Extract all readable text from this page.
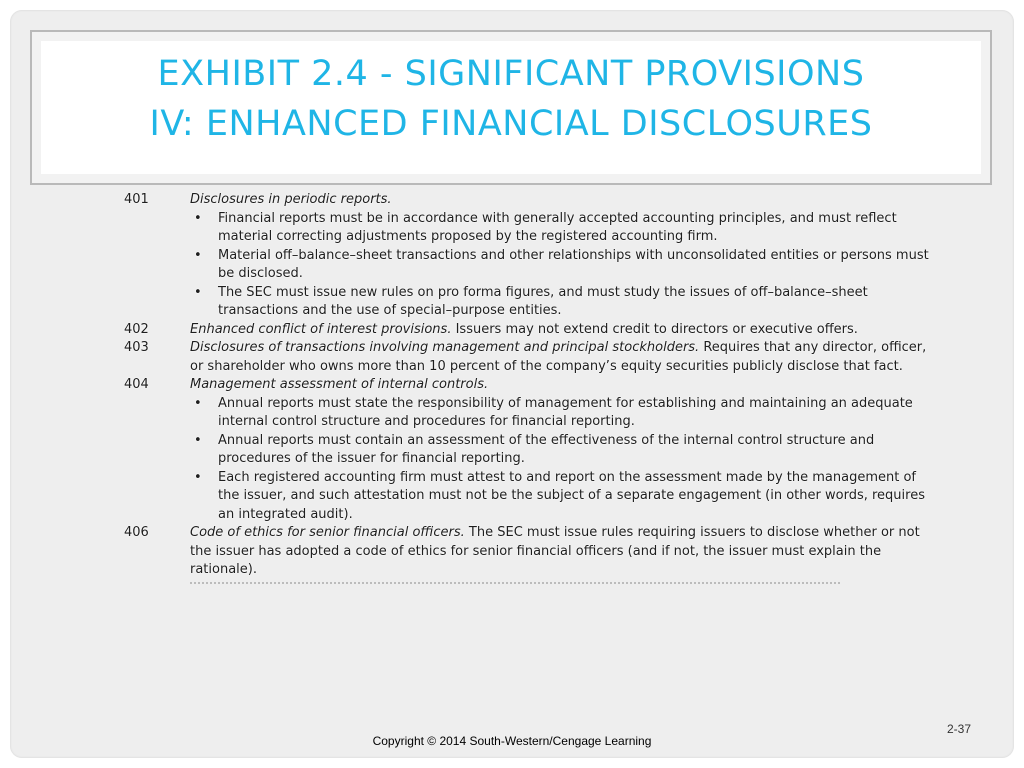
EXHIBIT 2.4 - SIGNIFICANT PROVISIONS
IV: ENHANCED FINANCIAL DISCLOSURES
401	Disclosures in periodic reports.
•	Financial reports must be in accordance with generally accepted accounting principles, and must reflect material correcting adjustments proposed by the registered accounting firm.
•	Material off–balance–sheet transactions and other relationships with unconsolidated entities or persons must be disclosed.
•	The SEC must issue new rules on pro forma figures, and must study the issues of off–balance–sheet transactions and the use of special–purpose entities.
402	Enhanced conflict of interest provisions. Issuers may not extend credit to directors or executive offers.
403	Disclosures of transactions involving management and principal stockholders. Requires that any director, officer, or shareholder who owns more than 10 percent of the company’s equity securities publicly disclose that fact.
404	Management assessment of internal controls.
•	Annual reports must state the responsibility of management for establishing and maintaining an adequate internal control structure and procedures for financial reporting.
•	Annual reports must contain an assessment of the effectiveness of the internal control structure and procedures of the issuer for financial reporting.
•	Each registered accounting firm must attest to and report on the assessment made by the management of the issuer, and such attestation must not be the subject of a separate engagement (in other words, requires an integrated audit).
406	Code of ethics for senior financial officers. The SEC must issue rules requiring issuers to disclose whether or not the issuer has adopted a code of ethics for senior financial officers (and if not, the issuer must explain the rationale).
Copyright © 2014 South-Western/Cengage Learning
2-37
